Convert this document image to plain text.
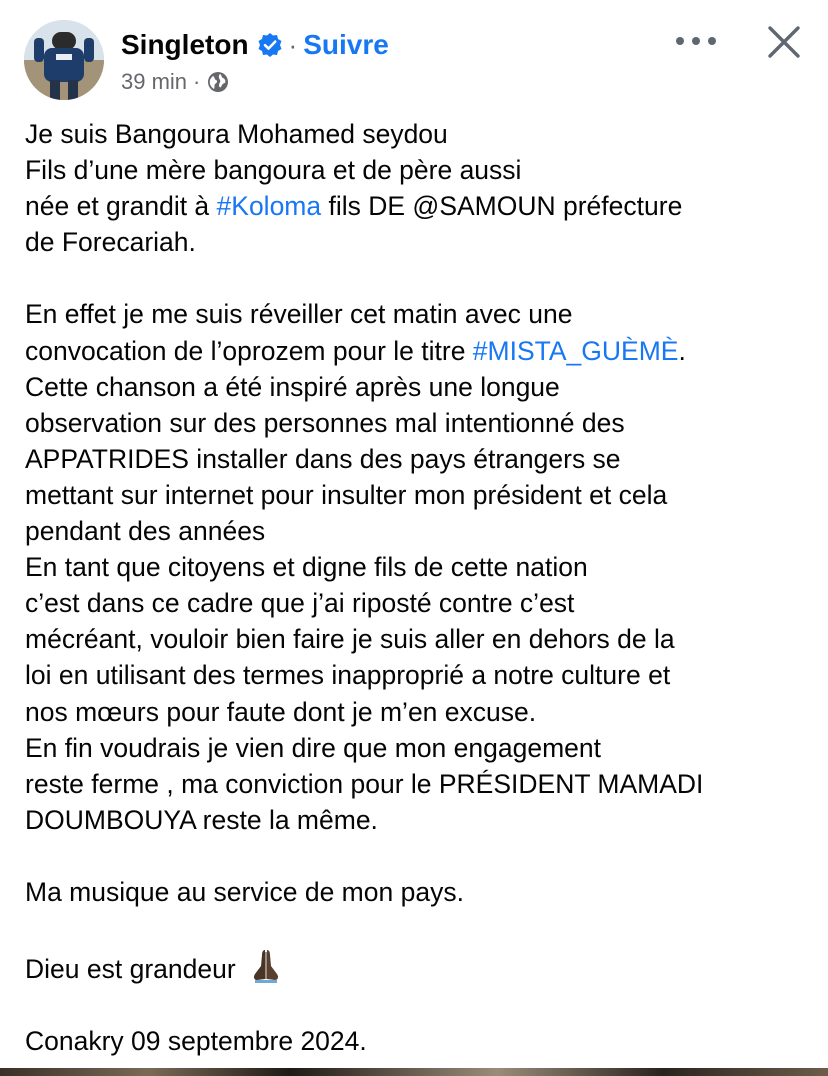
Singleton · Suivre
39 min ·

Je suis Bangoura Mohamed seydou

Fils d’une mère bangoura et de père aussi

née et grandit à #Koloma fils DE @SAMOUN préfecture

de Forecariah.

En effet je me suis réveiller cet matin avec une

convocation de l’oprozem pour le titre #MISTA_GUÈMÈ.

Cette chanson a été inspiré après une longue

observation sur des personnes mal intentionné des

APPATRIDES installer dans des pays étrangers se

mettant sur internet pour insulter mon président et cela

pendant des années

En tant que citoyens et digne fils de cette nation

c’est dans ce cadre que j’ai riposté contre c’est

mécréant, vouloir bien faire je suis aller en dehors de la

loi en utilisant des termes inapproprié a notre culture et

nos mœurs pour faute dont je m’en excuse.

En fin voudrais je vien dire que mon engagement

reste ferme , ma conviction pour le PRÉSIDENT MAMADI

DOUMBOUYA reste la même.

Ma musique au service de mon pays.

Dieu est grandeur

Conakry 09 septembre 2024.
